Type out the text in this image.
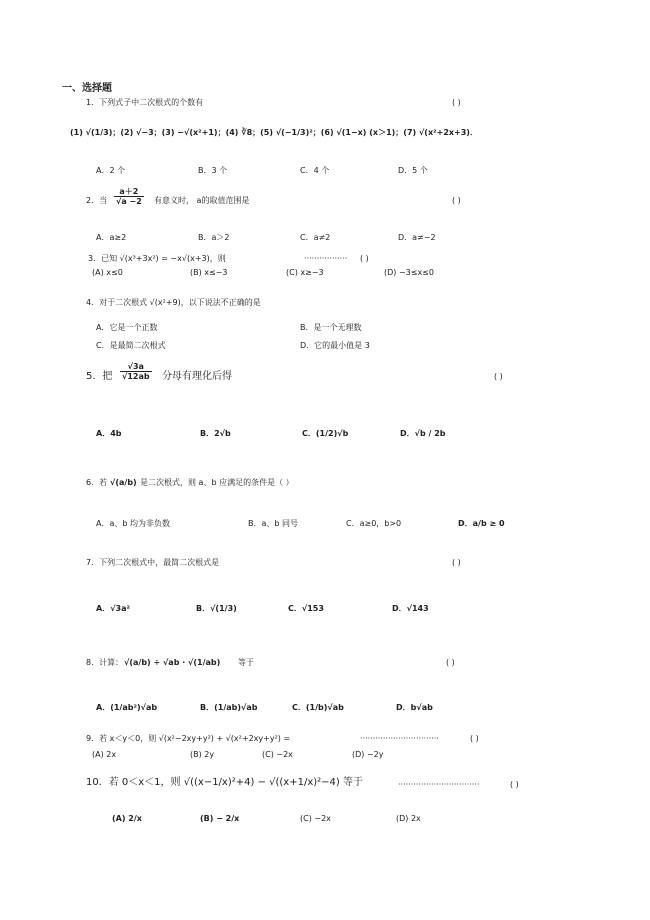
一、选择题
1．下列式子中二次根式的个数有	( )
(1) √(1/3)；(2) √−3；(3) −√(x²+1)；(4) ∛8；(5) √(−1/3)²；(6) √(1−x) (x＞1)；(7) √(x²+2x+3)．
A．2 个	B．3 个	C．4 个	D．5 个
2．当 $\frac{a+2}{√a -2}$ 有意义时， a的取值范围是	( )
A．a≥2	B．a＞2	C．a≠2	D．a≠−2
3．已知 √(x³+3x²) = −x√(x+3)，则	················· ( )
(A) x≤0	(B) x≤−3	(C) x≥−3	(D) −3≤x≤0
4．对于二次根式 √(x²+9)，以下说法不正确的是
A．它是一个正数	B．是一个无理数
C．是最简二次根式	D．它的最小值是 3
5．把 $\frac{√3a}{√12ab}$ 分母有理化后得	( )
A．4b	B．2√b	C．(1/2)√b	D．√b / 2b
6．若 √(a/b) 是二次根式，则 a、b 应满足的条件是（ ）
A．a、b 均为非负数	B．a、b 同号	C．a≥0，b>0	D．a/b ≥ 0
7．下列二次根式中，最简二次根式是	( )
A．√3a²	B．√(1/3)	C．√153	D．√143
8．计算： √(a/b) ÷ √ab · √(1/ab) 等于	( )
A．(1/ab²)√ab	B．(1/ab)√ab	C．(1/b)√ab	D．b√ab
9．若 x＜y＜0，则 √(x²−2xy+y²) + √(x²+2xy+y²) =	·······························	( )
(A) 2x	(B) 2y	(C) −2x	(D) −2y
10．若 0＜x＜1，则 √((x−1/x)²+4) − √((x+1/x)²−4) 等于	································	( )
(A) 2/x	(B) − 2/x	(C) −2x	(D) 2x
